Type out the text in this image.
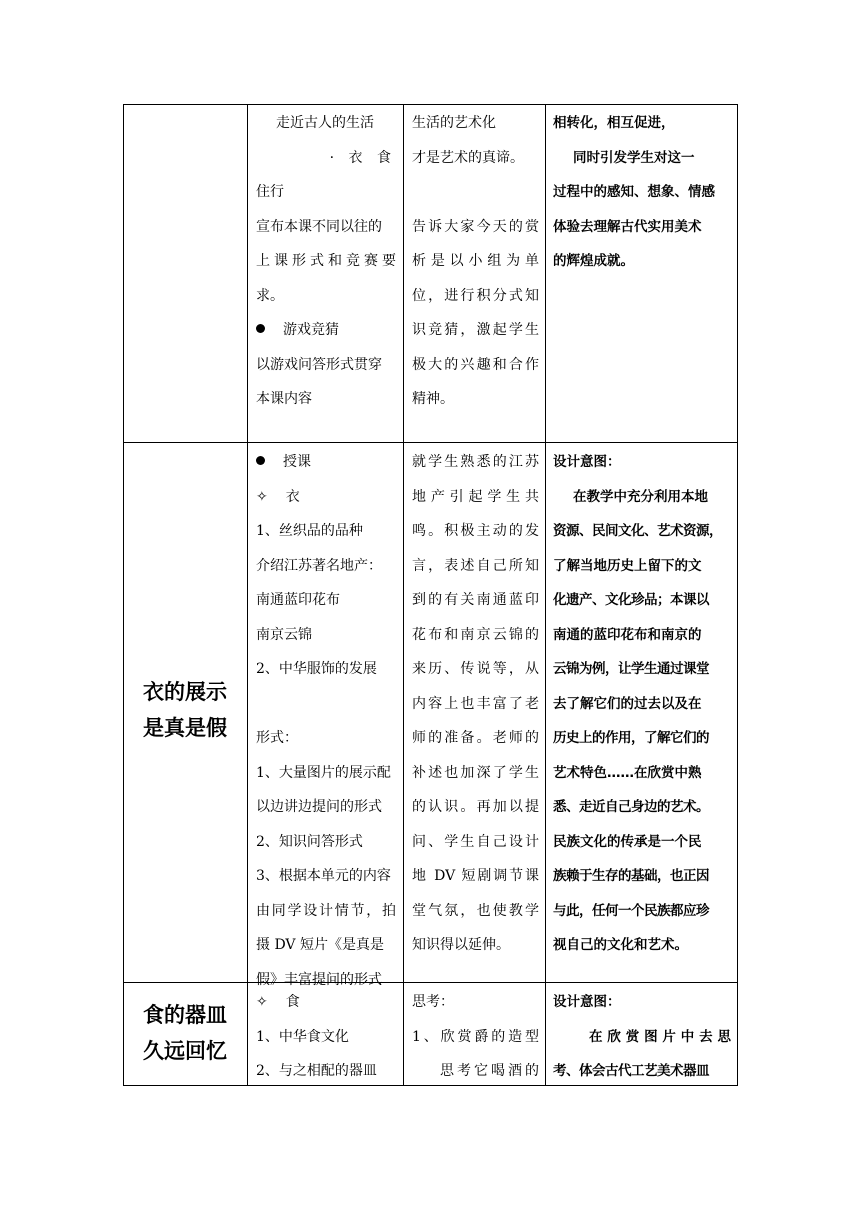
走近古人的生活
· 衣 食
住行
宣布本课不同以往的
上课形式和竞赛要
求。
游戏竞猜
以游戏问答形式贯穿
本课内容
生活的艺术化
才是艺术的真谛。
告诉大家今天的赏
析是以小组为单
位，进行积分式知
识竞猜，激起学生
极大的兴趣和合作
精神。
相转化，相互促进，
同时引发学生对这一
过程中的感知、想象、情感
体验去理解古代实用美术
的辉煌成就。
衣的展示
是真是假
授课
✧ 衣
1、丝织品的品种
介绍江苏著名地产：
南通蓝印花布
南京云锦
2、中华服饰的发展
形式：
1、大量图片的展示配
以边讲边提问的形式
2、知识问答形式
3、根据本单元的内容
由同学设计情节，拍
摄 DV 短片《是真是
假》丰富提问的形式
就学生熟悉的江苏
地产引起学生共
鸣。积极主动的发
言，表述自己所知
到的有关南通蓝印
花布和南京云锦的
来历、传说等，从
内容上也丰富了老
师的准备。老师的
补述也加深了学生
的认识。再加以提
问、学生自己设计
地 DV 短剧调节课
堂气氛，也使教学
知识得以延伸。
设计意图：
在教学中充分利用本地
资源、民间文化、艺术资源，
了解当地历史上留下的文
化遗产、文化珍品；本课以
南通的蓝印花布和南京的
云锦为例，让学生通过课堂
去了解它们的过去以及在
历史上的作用，了解它们的
艺术特色……在欣赏中熟
悉、走近自己身边的艺术。
民族文化的传承是一个民
族赖于生存的基础，也正因
与此，任何一个民族都应珍
视自己的文化和艺术。
食的器皿
久远回忆
✧ 食
1、中华食文化
2、与之相配的器皿
思考：
1、欣赏爵的造型
思考它喝酒的
设计意图：
在欣赏图片中去思
考、体会古代工艺美术器皿
